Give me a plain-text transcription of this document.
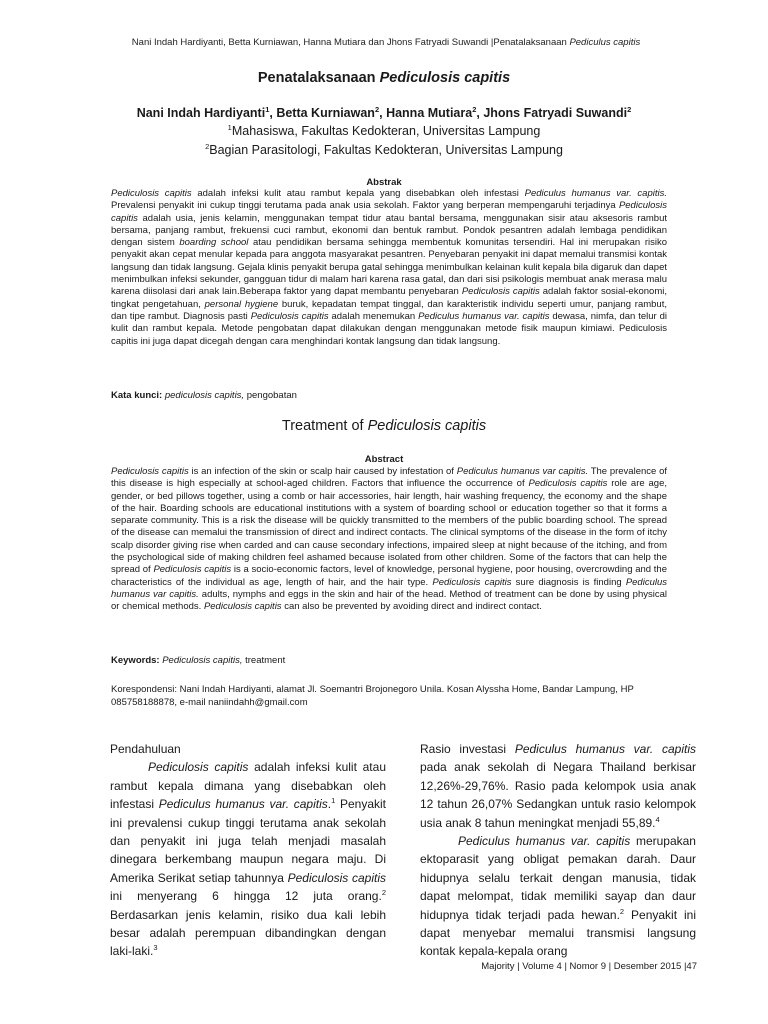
Nani Indah Hardiyanti, Betta Kurniawan, Hanna Mutiara dan Jhons Fatryadi Suwandi |Penatalaksanaan Pediculus capitis
Penatalaksanaan Pediculosis capitis
Nani Indah Hardiyanti$^1$, Betta Kurniawan$^2$, Hanna Mutiara$^2$, Jhons Fatryadi Suwandi$^2$
$^1$Mahasiswa, Fakultas Kedokteran, Universitas Lampung
$^2$Bagian Parasitologi, Fakultas Kedokteran, Universitas Lampung
Abstrak
Pediculosis capitis adalah infeksi kulit atau rambut kepala yang disebabkan oleh infestasi Pediculus humanus var. capitis. Prevalensi penyakit ini cukup tinggi terutama pada anak usia sekolah. Faktor yang berperan mempengaruhi terjadinya Pediculosis capitis adalah usia, jenis kelamin, menggunakan tempat tidur atau bantal bersama, menggunakan sisir atau aksesoris rambut bersama, panjang rambut, frekuensi cuci rambut, ekonomi dan bentuk rambut. Pondok pesantren adalah lembaga pendidikan dengan sistem boarding school atau pendidikan bersama sehingga membentuk komunitas tersendiri. Hal ini merupakan risiko penyakit akan cepat menular kepada para anggota masyarakat pesantren. Penyebaran penyakit ini dapat memalui transmisi kontak langsung dan tidak langsung. Gejala klinis penyakit berupa gatal sehingga menimbulkan kelainan kulit kepala bila digaruk dan dapet menimbulkan infeksi sekunder, gangguan tidur di malam hari karena rasa gatal, dan dari sisi psikologis membuat anak merasa malu karena diisolasi dari anak lain.Beberapa faktor yang dapat membantu penyebaran Pediculosis capitis adalah faktor sosial-ekonomi, tingkat pengetahuan, personal hygiene buruk, kepadatan tempat tinggal, dan karakteristik individu seperti umur, panjang rambut, dan tipe rambut. Diagnosis pasti Pediculosis capitis adalah menemukan Pediculus humanus var. capitis dewasa, nimfa, dan telur di kulit dan rambut kepala. Metode pengobatan dapat dilakukan dengan menggunakan metode fisik maupun kimiawi. Pediculosis capitis ini juga dapat dicegah dengan cara menghindari kontak langsung dan tidak langsung.
Kata kunci: pediculosis capitis, pengobatan
Treatment of Pediculosis capitis
Abstract
Pediculosis capitis is an infection of the skin or scalp hair caused by infestation of Pediculus humanus var capitis. The prevalence of this disease is high especially at school-aged children. Factors that influence the occurrence of Pediculosis capitis role are age, gender, or bed pillows together, using a comb or hair accessories, hair length, hair washing frequency, the economy and the shape of the hair. Boarding schools are educational institutions with a system of boarding school or education together so that it forms a separate community. This is a risk the disease will be quickly transmitted to the members of the public boarding school. The spread of the disease can memalui the transmission of direct and indirect contacts. The clinical symptoms of the disease in the form of itchy scalp disorder giving rise when carded and can cause secondary infections, impaired sleep at night because of the itching, and from the psychological side of making children feel ashamed because isolated from other children. Some of the factors that can help the spread of Pediculosis capitis is a socio-economic factors, level of knowledge, personal hygiene, poor housing, overcrowding and the characteristics of the individual as age, length of hair, and the hair type. Pediculosis capitis sure diagnosis is finding Pediculus humanus var capitis. adults, nymphs and eggs in the skin and hair of the head. Method of treatment can be done by using physical or chemical methods. Pediculosis capitis can also be prevented by avoiding direct and indirect contact.
Keywords: Pediculosis capitis, treatment
Korespondensi: Nani Indah Hardiyanti, alamat Jl. Soemantri Brojonegoro Unila. Kosan Alyssha Home, Bandar Lampung, HP 085758188878, e-mail naniindahh@gmail.com

Pendahuluan

Pediculosis capitis adalah infeksi kulit atau rambut kepala dimana yang disebabkan oleh infestasi Pediculus humanus var. capitis.$^1$ Penyakit ini prevalensi cukup tinggi terutama anak sekolah dan penyakit ini juga telah menjadi masalah dinegara berkembang maupun negara maju. Di Amerika Serikat setiap tahunnya Pediculosis capitis ini menyerang 6 hingga 12 juta orang.$^2$ Berdasarkan jenis kelamin, risiko dua kali lebih besar adalah perempuan dibandingkan dengan laki-laki.$^3$

Rasio investasi Pediculus humanus var. capitis pada anak sekolah di Negara Thailand berkisar 12,26%-29,76%. Rasio pada kelompok usia anak 12 tahun 26,07% Sedangkan untuk rasio kelompok usia anak 8 tahun meningkat menjadi 55,89.$^4$

Pediculus humanus var. capitis merupakan ektoparasit yang obligat pemakan darah. Daur hidupnya selalu terkait dengan manusia, tidak dapat melompat, tidak memiliki sayap dan daur hidupnya tidak terjadi pada hewan.$^2$ Penyakit ini dapat menyebar memalui transmisi langsung kontak kepala-kepala orang

Majority | Volume 4 | Nomor 9 | Desember 2015 |47
